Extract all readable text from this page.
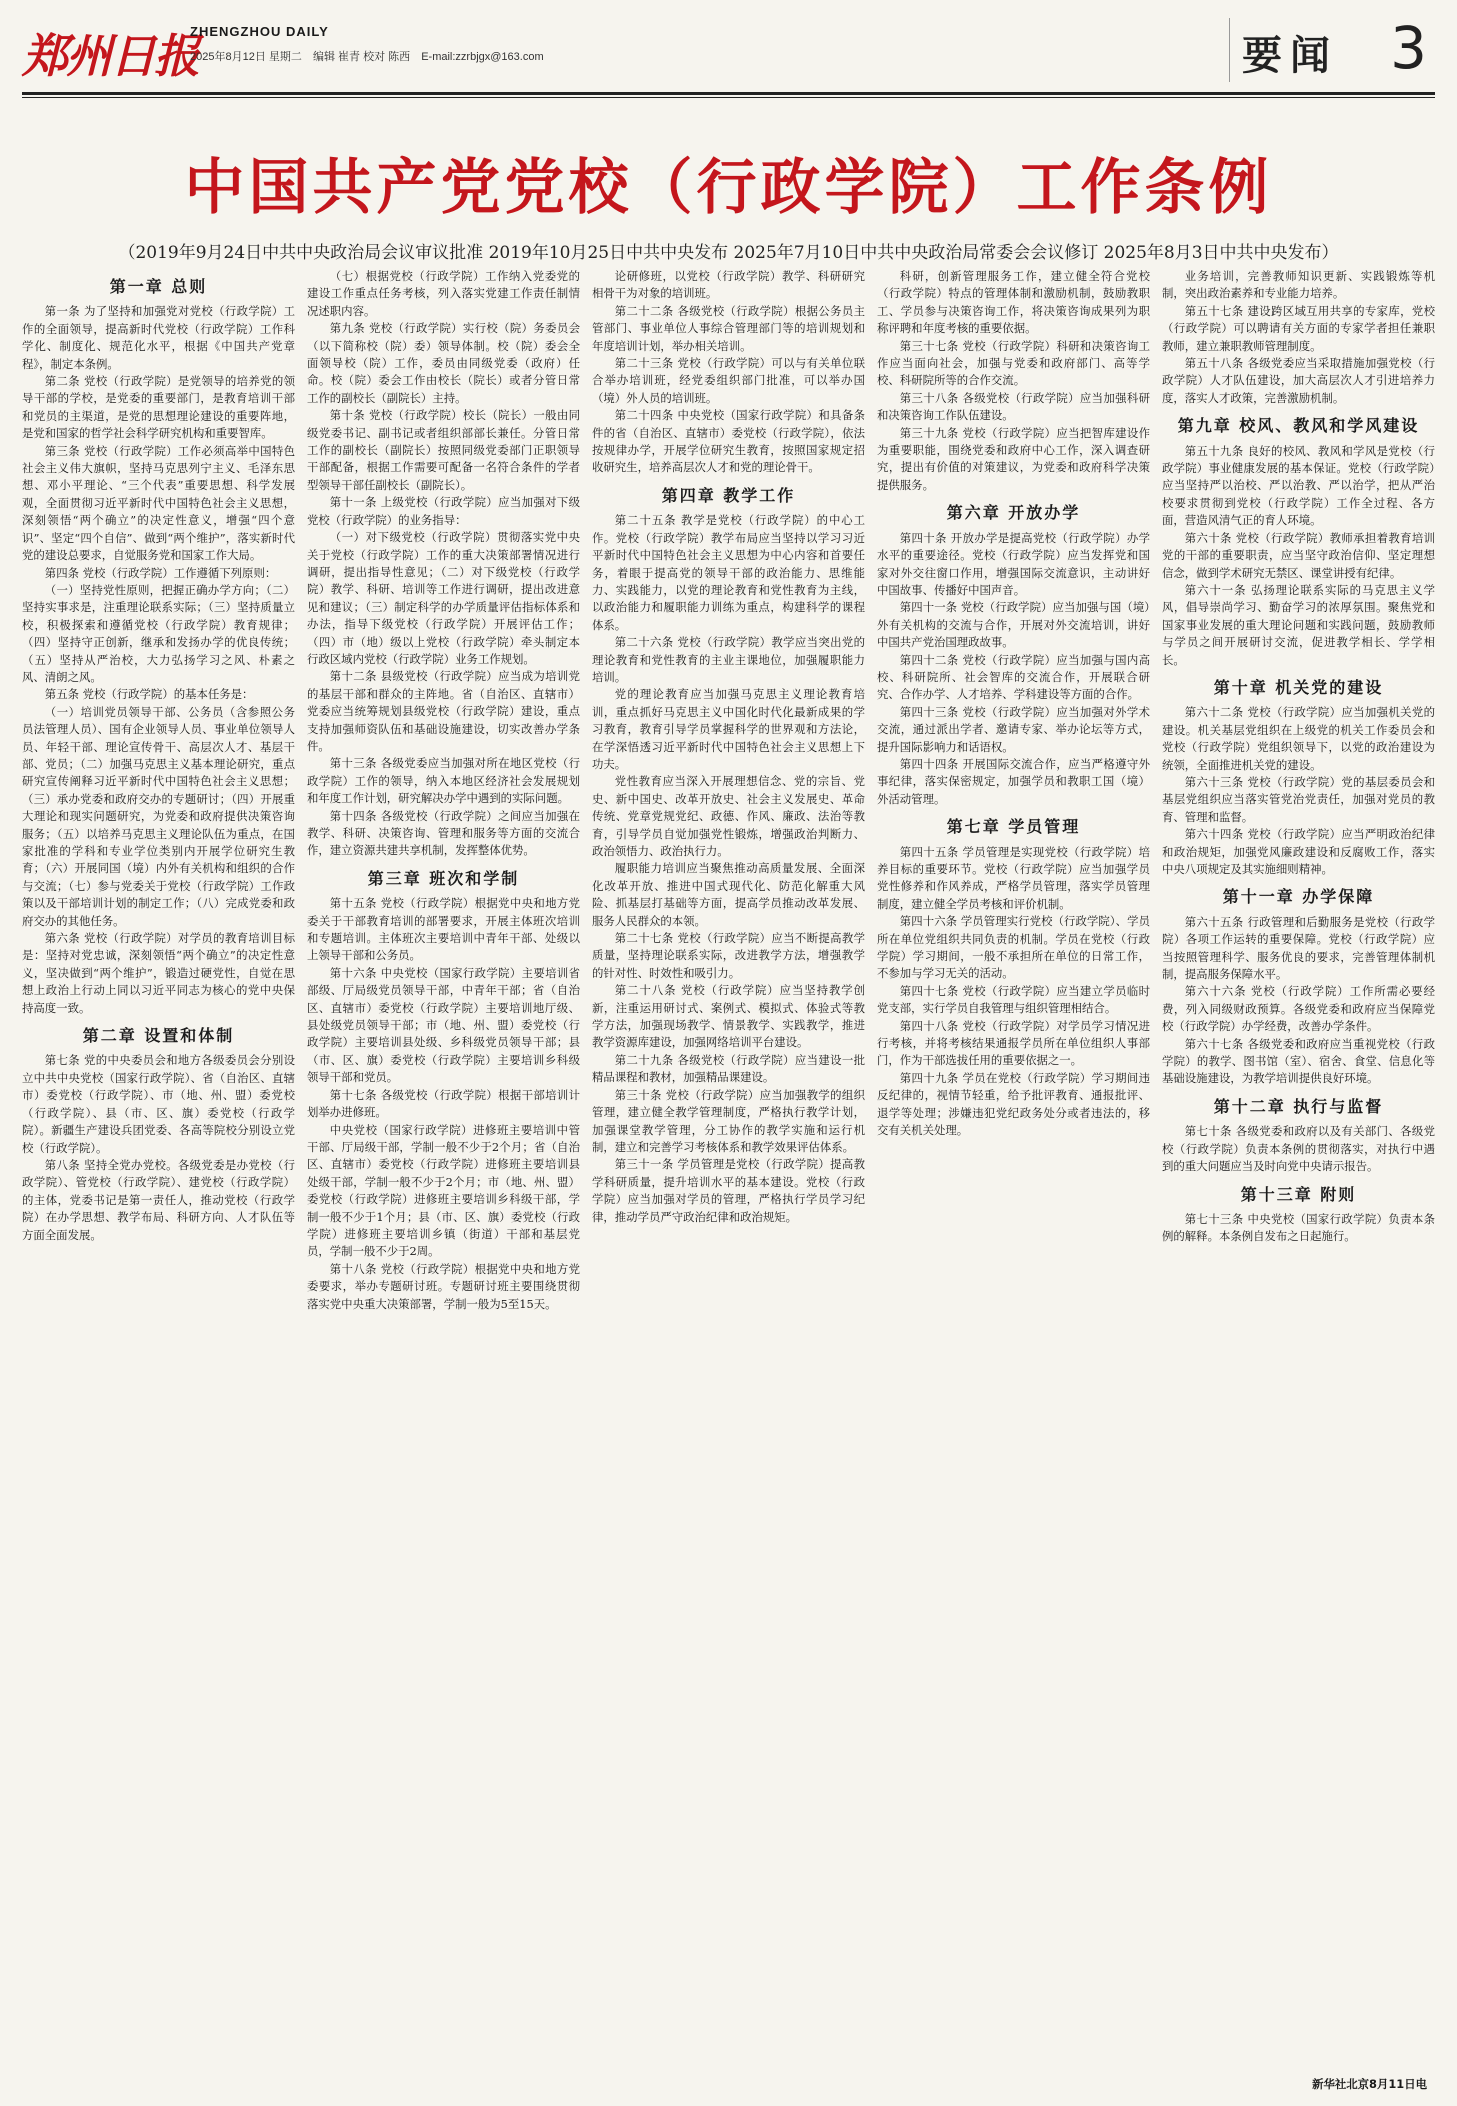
郑州日报
ZHENGZHOU DAILY
2025年8月12日 星期二 编辑 崔青 校对 陈西 E-mail:zzrbjgx@163.com	要闻 3
中国共产党党校（行政学院）工作条例
（2019年9月24日中共中央政治局会议审议批准 2019年10月25日中共中央发布 2025年7月10日中共中央政治局常委会会议修订 2025年8月3日中共中央发布）
第一章 总则

第一条 为了坚持和加强党对党校（行政学院）工作的全面领导，提高新时代党校（行政学院）工作科学化、制度化、规范化水平，根据《中国共产党章程》，制定本条例。

第二条 党校（行政学院）是党领导的培养党的领导干部的学校，是党委的重要部门，是教育培训干部和党员的主渠道，是党的思想理论建设的重要阵地，是党和国家的哲学社会科学研究机构和重要智库。

第三条 党校（行政学院）工作必须高举中国特色社会主义伟大旗帜，坚持马克思列宁主义、毛泽东思想、邓小平理论、“三个代表”重要思想、科学发展观，全面贯彻习近平新时代中国特色社会主义思想，深刻领悟“两个确立”的决定性意义，增强“四个意识”、坚定“四个自信”、做到“两个维护”，落实新时代党的建设总要求，自觉服务党和国家工作大局。

第四条 党校（行政学院）工作遵循下列原则：

（一）坚持党性原则，把握正确办学方向；（二）坚持实事求是，注重理论联系实际；（三）坚持质量立校，积极探索和遵循党校（行政学院）教育规律；（四）坚持守正创新，继承和发扬办学的优良传统；（五）坚持从严治校，大力弘扬学习之风、朴素之风、清朗之风。

第五条 党校（行政学院）的基本任务是：

（一）培训党员领导干部、公务员（含参照公务员法管理人员）、国有企业领导人员、事业单位领导人员、年轻干部、理论宣传骨干、高层次人才、基层干部、党员；（二）加强马克思主义基本理论研究，重点研究宣传阐释习近平新时代中国特色社会主义思想；（三）承办党委和政府交办的专题研讨；（四）开展重大理论和现实问题研究，为党委和政府提供决策咨询服务；（五）以培养马克思主义理论队伍为重点，在国家批准的学科和专业学位类别内开展学位研究生教育；（六）开展同国（境）内外有关机构和组织的合作与交流；（七）参与党委关于党校（行政学院）工作政策以及干部培训计划的制定工作；（八）完成党委和政府交办的其他任务。

第六条 党校（行政学院）对学员的教育培训目标是：坚持对党忠诚，深刻领悟“两个确立”的决定性意义，坚决做到“两个维护”，锻造过硬党性，自觉在思想上政治上行动上同以习近平同志为核心的党中央保持高度一致。

第二章 设置和体制

第七条 党的中央委员会和地方各级委员会分别设立中共中央党校（国家行政学院）、省（自治区、直辖市）委党校（行政学院）、市（地、州、盟）委党校（行政学院）、县（市、区、旗）委党校（行政学院）。新疆生产建设兵团党委、各高等院校分别设立党校（行政学院）。

第八条 坚持全党办党校。各级党委是办党校（行政学院）、管党校（行政学院）、建党校（行政学院）的主体，党委书记是第一责任人，推动党校（行政学院）在办学思想、教学布局、科研方向、人才队伍等方面全面发展。

（七）根据党校（行政学院）工作纳入党委党的建设工作重点任务考核，列入落实党建工作责任制情况述职内容。

第九条 党校（行政学院）实行校（院）务委员会（以下简称校（院）委）领导体制。校（院）委会全面领导校（院）工作，委员由同级党委（政府）任命。校（院）委会工作由校长（院长）或者分管日常工作的副校长（副院长）主持。

第十条 党校（行政学院）校长（院长）一般由同级党委书记、副书记或者组织部部长兼任。分管日常工作的副校长（副院长）按照同级党委部门正职领导干部配备，根据工作需要可配备一名符合条件的学者型领导干部任副校长（副院长）。

第十一条 上级党校（行政学院）应当加强对下级党校（行政学院）的业务指导：

（一）对下级党校（行政学院）贯彻落实党中央关于党校（行政学院）工作的重大决策部署情况进行调研，提出指导性意见；（二）对下级党校（行政学院）教学、科研、培训等工作进行调研，提出改进意见和建议；（三）制定科学的办学质量评估指标体系和办法，指导下级党校（行政学院）开展评估工作；（四）市（地）级以上党校（行政学院）牵头制定本行政区域内党校（行政学院）业务工作规划。

第十二条 县级党校（行政学院）应当成为培训党的基层干部和群众的主阵地。省（自治区、直辖市）党委应当统筹规划县级党校（行政学院）建设，重点支持加强师资队伍和基础设施建设，切实改善办学条件。

第十三条 各级党委应当加强对所在地区党校（行政学院）工作的领导，纳入本地区经济社会发展规划和年度工作计划，研究解决办学中遇到的实际问题。

第十四条 各级党校（行政学院）之间应当加强在教学、科研、决策咨询、管理和服务等方面的交流合作，建立资源共建共享机制，发挥整体优势。

第三章 班次和学制

第十五条 党校（行政学院）根据党中央和地方党委关于干部教育培训的部署要求，开展主体班次培训和专题培训。主体班次主要培训中青年干部、处级以上领导干部和公务员。

第十六条 中央党校（国家行政学院）主要培训省部级、厅局级党员领导干部，中青年干部；省（自治区、直辖市）委党校（行政学院）主要培训地厅级、县处级党员领导干部；市（地、州、盟）委党校（行政学院）主要培训县处级、乡科级党员领导干部；县（市、区、旗）委党校（行政学院）主要培训乡科级领导干部和党员。

第十七条 各级党校（行政学院）根据干部培训计划举办进修班。

中央党校（国家行政学院）进修班主要培训中管干部、厅局级干部，学制一般不少于2个月；省（自治区、直辖市）委党校（行政学院）进修班主要培训县处级干部，学制一般不少于2个月；市（地、州、盟）委党校（行政学院）进修班主要培训乡科级干部，学制一般不少于1个月；县（市、区、旗）委党校（行政学院）进修班主要培训乡镇（街道）干部和基层党员，学制一般不少于2周。

第十八条 党校（行政学院）根据党中央和地方党委要求，举办专题研讨班。专题研讨班主要围绕贯彻落实党中央重大决策部署，学制一般为5至15天。

论研修班，以党校（行政学院）教学、科研研究相骨干为对象的培训班。

第二十二条 各级党校（行政学院）根据公务员主管部门、事业单位人事综合管理部门等的培训规划和年度培训计划，举办相关培训。

第二十三条 党校（行政学院）可以与有关单位联合举办培训班，经党委组织部门批准，可以举办国（境）外人员的培训班。

第二十四条 中央党校（国家行政学院）和具备条件的省（自治区、直辖市）委党校（行政学院），依法按规律办学，开展学位研究生教育，按照国家规定招收研究生，培养高层次人才和党的理论骨干。

第四章 教学工作

第二十五条 教学是党校（行政学院）的中心工作。党校（行政学院）教学布局应当坚持以学习习近平新时代中国特色社会主义思想为中心内容和首要任务，着眼于提高党的领导干部的政治能力、思维能力、实践能力，以党的理论教育和党性教育为主线，以政治能力和履职能力训练为重点，构建科学的课程体系。

第二十六条 党校（行政学院）教学应当突出党的理论教育和党性教育的主业主课地位，加强履职能力培训。

党的理论教育应当加强马克思主义理论教育培训，重点抓好马克思主义中国化时代化最新成果的学习教育，教育引导学员掌握科学的世界观和方法论，在学深悟透习近平新时代中国特色社会主义思想上下功夫。

党性教育应当深入开展理想信念、党的宗旨、党史、新中国史、改革开放史、社会主义发展史、革命传统、党章党规党纪、政德、作风、廉政、法治等教育，引导学员自觉加强党性锻炼，增强政治判断力、政治领悟力、政治执行力。

履职能力培训应当聚焦推动高质量发展、全面深化改革开放、推进中国式现代化、防范化解重大风险、抓基层打基础等方面，提高学员推动改革发展、服务人民群众的本领。

第二十七条 党校（行政学院）应当不断提高教学质量，坚持理论联系实际，改进教学方法，增强教学的针对性、时效性和吸引力。

第二十八条 党校（行政学院）应当坚持教学创新，注重运用研讨式、案例式、模拟式、体验式等教学方法，加强现场教学、情景教学、实践教学，推进教学资源库建设，加强网络培训平台建设。

第二十九条 各级党校（行政学院）应当建设一批精品课程和教材，加强精品课建设。

第三十条 党校（行政学院）应当加强教学的组织管理，建立健全教学管理制度，严格执行教学计划，加强课堂教学管理，分工协作的教学实施和运行机制，建立和完善学习考核体系和教学效果评估体系。

第三十一条 学员管理是党校（行政学院）提高教学科研质量，提升培训水平的基本建设。党校（行政学院）应当加强对学员的管理，严格执行学员学习纪律，推动学员严守政治纪律和政治规矩。

科研，创新管理服务工作，建立健全符合党校（行政学院）特点的管理体制和激励机制，鼓励教职工、学员参与决策咨询工作，将决策咨询成果列为职称评聘和年度考核的重要依据。

第三十七条 党校（行政学院）科研和决策咨询工作应当面向社会，加强与党委和政府部门、高等学校、科研院所等的合作交流。

第三十八条 各级党校（行政学院）应当加强科研和决策咨询工作队伍建设。

第三十九条 党校（行政学院）应当把智库建设作为重要职能，围绕党委和政府中心工作，深入调查研究，提出有价值的对策建议，为党委和政府科学决策提供服务。

第六章 开放办学

第四十条 开放办学是提高党校（行政学院）办学水平的重要途径。党校（行政学院）应当发挥党和国家对外交往窗口作用，增强国际交流意识，主动讲好中国故事、传播好中国声音。

第四十一条 党校（行政学院）应当加强与国（境）外有关机构的交流与合作，开展对外交流培训，讲好中国共产党治国理政故事。

第四十二条 党校（行政学院）应当加强与国内高校、科研院所、社会智库的交流合作，开展联合研究、合作办学、人才培养、学科建设等方面的合作。

第四十三条 党校（行政学院）应当加强对外学术交流，通过派出学者、邀请专家、举办论坛等方式，提升国际影响力和话语权。

第四十四条 开展国际交流合作，应当严格遵守外事纪律，落实保密规定，加强学员和教职工国（境）外活动管理。

第七章 学员管理

第四十五条 学员管理是实现党校（行政学院）培养目标的重要环节。党校（行政学院）应当加强学员党性修养和作风养成，严格学员管理，落实学员管理制度，建立健全学员考核和评价机制。

第四十六条 学员管理实行党校（行政学院）、学员所在单位党组织共同负责的机制。学员在党校（行政学院）学习期间，一般不承担所在单位的日常工作，不参加与学习无关的活动。

第四十七条 党校（行政学院）应当建立学员临时党支部，实行学员自我管理与组织管理相结合。

第四十八条 党校（行政学院）对学员学习情况进行考核，并将考核结果通报学员所在单位组织人事部门，作为干部选拔任用的重要依据之一。

第四十九条 学员在党校（行政学院）学习期间违反纪律的，视情节轻重，给予批评教育、通报批评、退学等处理；涉嫌违犯党纪政务处分或者违法的，移交有关机关处理。

业务培训，完善教师知识更新、实践锻炼等机制，突出政治素养和专业能力培养。

第五十七条 建设跨区域互用共享的专家库，党校（行政学院）可以聘请有关方面的专家学者担任兼职教师，建立兼职教师管理制度。

第五十八条 各级党委应当采取措施加强党校（行政学院）人才队伍建设，加大高层次人才引进培养力度，落实人才政策，完善激励机制。

第九章 校风、教风和学风建设

第五十九条 良好的校风、教风和学风是党校（行政学院）事业健康发展的基本保证。党校（行政学院）应当坚持严以治校、严以治教、严以治学，把从严治校要求贯彻到党校（行政学院）工作全过程、各方面，营造风清气正的育人环境。

第六十条 党校（行政学院）教师承担着教育培训党的干部的重要职责，应当坚守政治信仰、坚定理想信念，做到学术研究无禁区、课堂讲授有纪律。

第六十一条 弘扬理论联系实际的马克思主义学风，倡导崇尚学习、勤奋学习的浓厚氛围。聚焦党和国家事业发展的重大理论问题和实践问题，鼓励教师与学员之间开展研讨交流，促进教学相长、学学相长。

第十章 机关党的建设

第六十二条 党校（行政学院）应当加强机关党的建设。机关基层党组织在上级党的机关工作委员会和党校（行政学院）党组织领导下，以党的政治建设为统领，全面推进机关党的建设。

第六十三条 党校（行政学院）党的基层委员会和基层党组织应当落实管党治党责任，加强对党员的教育、管理和监督。

第六十四条 党校（行政学院）应当严明政治纪律和政治规矩，加强党风廉政建设和反腐败工作，落实中央八项规定及其实施细则精神。

第十一章 办学保障

第六十五条 行政管理和后勤服务是党校（行政学院）各项工作运转的重要保障。党校（行政学院）应当按照管理科学、服务优良的要求，完善管理体制机制，提高服务保障水平。

第六十六条 党校（行政学院）工作所需必要经费，列入同级财政预算。各级党委和政府应当保障党校（行政学院）办学经费，改善办学条件。

第六十七条 各级党委和政府应当重视党校（行政学院）的教学、图书馆（室）、宿舍、食堂、信息化等基础设施建设，为教学培训提供良好环境。

第十二章 执行与监督

第七十条 各级党委和政府以及有关部门、各级党校（行政学院）负责本条例的贯彻落实，对执行中遇到的重大问题应当及时向党中央请示报告。

第十三章 附则

第七十三条 中央党校（国家行政学院）负责本条例的解释。本条例自发布之日起施行。

新华社北京8月11日电
